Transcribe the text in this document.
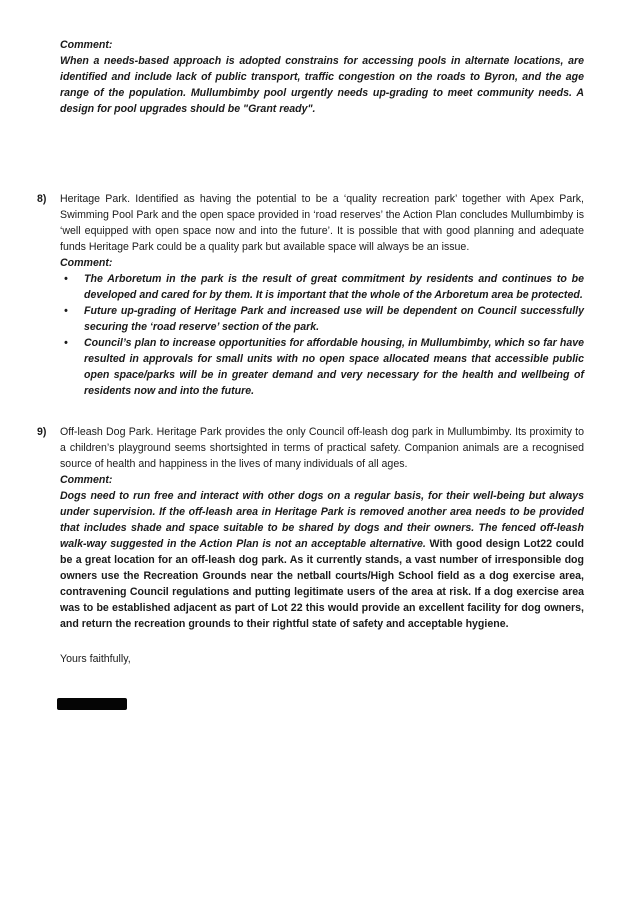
Comment:
When a needs-based approach is adopted constrains for accessing pools in alternate locations, are identified and include lack of public transport, traffic congestion on the roads to Byron, and the age range of the population. Mullumbimby pool urgently needs up-grading to meet community needs. A design for pool upgrades should be "Grant ready".
8) Heritage Park. Identified as having the potential to be a ‘quality recreation park’ together with Apex Park, Swimming Pool Park and the open space provided in ‘road reserves’ the Action Plan concludes Mullumbimby is ‘well equipped with open space now and into the future’. It is possible that with good planning and adequate funds Heritage Park could be a quality park but available space will always be an issue.
Comment:
• The Arboretum in the park is the result of great commitment by residents and continues to be developed and cared for by them. It is important that the whole of the Arboretum area be protected.
• Future up-grading of Heritage Park and increased use will be dependent on Council successfully securing the ‘road reserve’ section of the park.
• Council’s plan to increase opportunities for affordable housing, in Mullumbimby, which so far have resulted in approvals for small units with no open space allocated means that accessible public open space/parks will be in greater demand and very necessary for the health and wellbeing of residents now and into the future.
9) Off-leash Dog Park. Heritage Park provides the only Council off-leash dog park in Mullumbimby. Its proximity to a children’s playground seems shortsighted in terms of practical safety. Companion animals are a recognised source of health and happiness in the lives of many individuals of all ages.
Comment:
Dogs need to run free and interact with other dogs on a regular basis, for their well-being but always under supervision. If the off-leash area in Heritage Park is removed another area needs to be provided that includes shade and space suitable to be shared by dogs and their owners. The fenced off-leash walk-way suggested in the Action Plan is not an acceptable alternative. With good design Lot22 could be a great location for an off-leash dog park. As it currently stands, a vast number of irresponsible dog owners use the Recreation Grounds near the netball courts/High School field as a dog exercise area, contravening Council regulations and putting legitimate users of the area at risk. If a dog exercise area was to be established adjacent as part of Lot 22 this would provide an excellent facility for dog owners, and return the recreation grounds to their rightful state of safety and acceptable hygiene.
Yours faithfully,
